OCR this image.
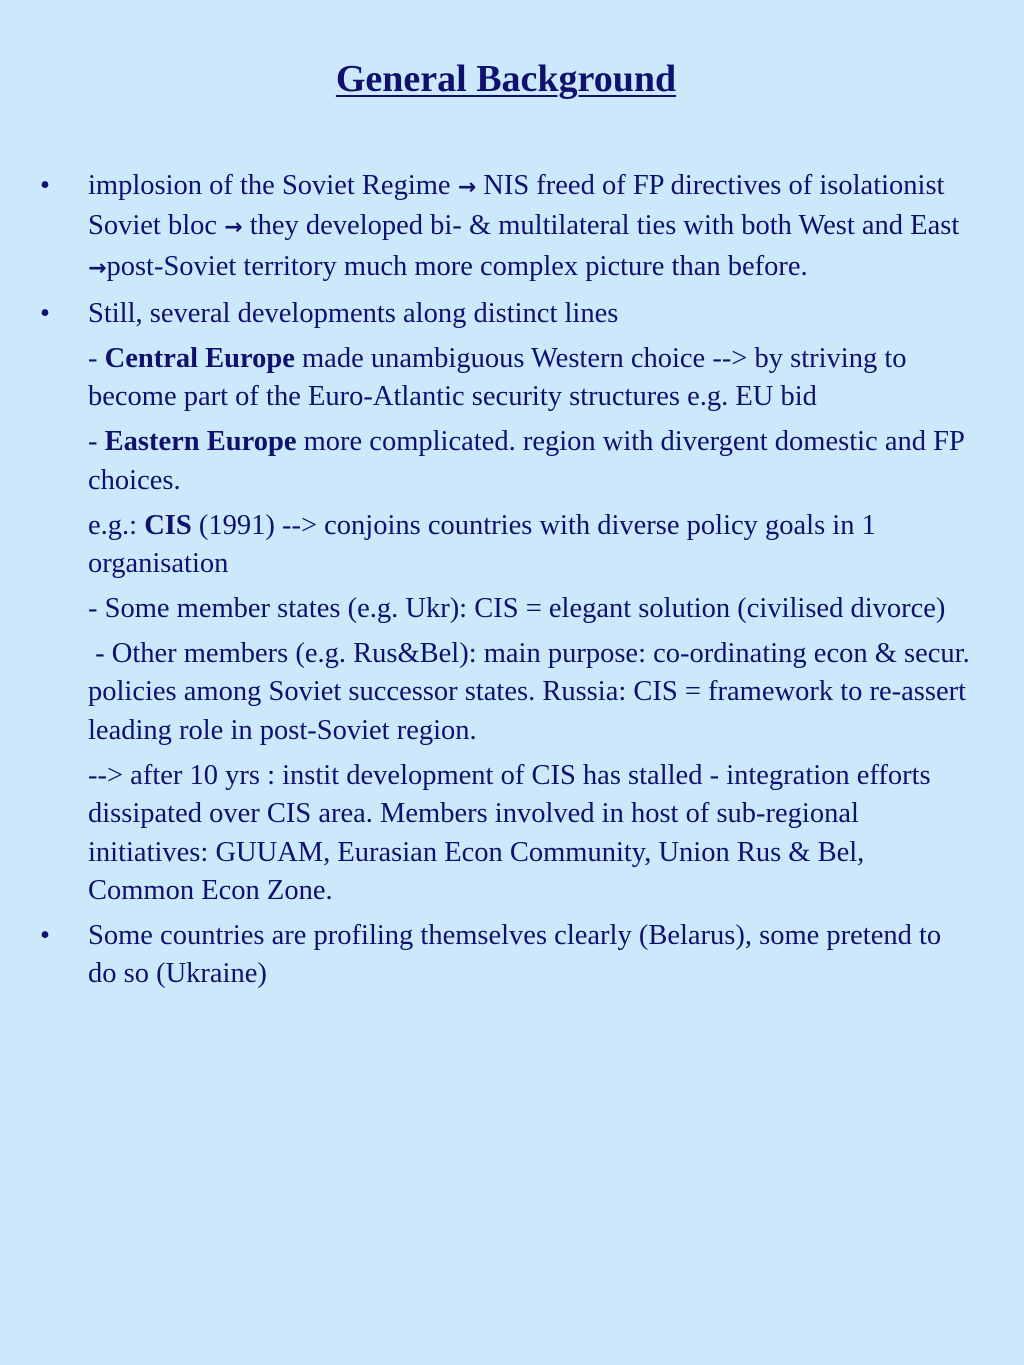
General Background

• implosion of the Soviet Regime → NIS freed of FP directives of isolationist Soviet bloc → they developed bi- & multilateral ties with both West and East →post-Soviet territory much more complex picture than before.

• Still, several developments along distinct lines

- Central Europe made unambiguous Western choice --> by striving to become part of the Euro-Atlantic security structures e.g. EU bid

- Eastern Europe more complicated. region with divergent domestic and FP choices.

e.g.: CIS (1991) --> conjoins countries with diverse policy goals in 1 organisation

- Some member states (e.g. Ukr): CIS = elegant solution (civilised divorce)

- Other members (e.g. Rus&Bel): main purpose: co-ordinating econ & secur. policies among Soviet successor states. Russia: CIS = framework to re-assert leading role in post-Soviet region.

--> after 10 yrs : instit development of CIS has stalled - integration efforts dissipated over CIS area. Members involved in host of sub-regional initiatives: GUUAM, Eurasian Econ Community, Union Rus & Bel, Common Econ Zone.

• Some countries are profiling themselves clearly (Belarus), some pretend to do so (Ukraine)
